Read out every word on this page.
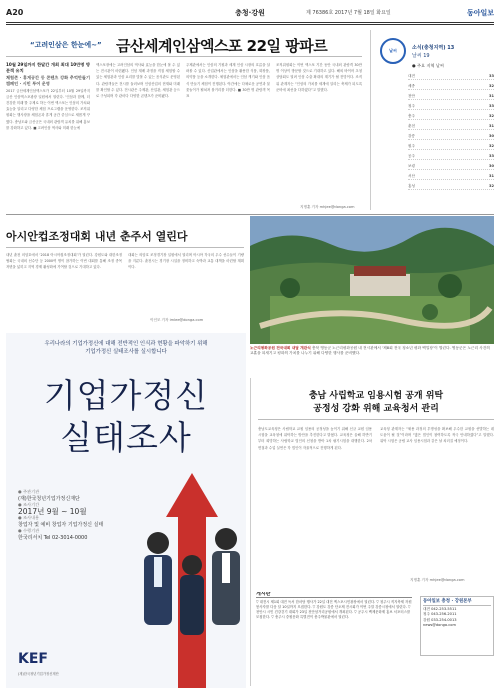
A20	충청·강원	제 76386호 2017년 7월 18일 화요일	동아일보
“고려인삼은 한눈에~” 금산세계인삼엑스포 22일 팡파르
10월 29일까지 한달간 개최 최대 10만명 방문객 유치
체험존 · 휴게공간 등 콘텐츠 강화 추억만들기 캠페인 · 시민 투어 운영
2017 금산세계인삼엑스포가 22일부터 10월 29일까지 금산 인삼엑스포광장 일원에서 열린다. ‘인삼과 함께, 더 건강한 미래’를 주제로 하는 이번 엑스포는 인삼의 가치와 효능을 알리고 다양한 체험 프로그램을 운영한다. 조직위원회는 행사장을 체험존과 휴게 공간 중심으로 새롭게 꾸몄다. 충남도와 금산군은 국내외 관람객 유치를 위해 홍보를 강화하고 있다. ■ 고려인삼 역사와 미래 한눈에
엑스포장에는 고려인삼의 역사와 효능을 한눈에 볼 수 있는 전시관이 마련됐다. 인삼 재배 과정을 직접 체험할 수 있는 체험관과 인삼 요리를 맛볼 수 있는 음식관도 운영된다. 관람객들은 전시를 둘러보며 인삼산업의 현재와 미래를 확인할 수 있다. 전시관은 주제관, 산업관, 체험관 등으로 구성되며 각 관마다 다양한 콘텐츠가 준비됐다.
주제관에서는 인삼의 기원과 세계 인삼 시장의 흐름을 살펴볼 수 있다. 산업관에서는 인삼을 활용한 식품, 화장품, 의약품 등을 소개한다. 체험관에서는 인삼 캐기와 인삼 음식 만들기 체험이 진행된다. 야간에는 다채로운 공연과 불꽃놀이가 펼쳐져 볼거리를 더한다. ■ 30만 명 관람객 목표
조직위원회는 이번 엑스포 기간 동안 국내외 관람객 30만 명 이상이 방문할 것으로 기대하고 있다. 해외 바이어 초청 상담회도 열려 인삼 수출 확대의 계기가 될 전망이다. 조직위 관계자는 “인삼의 가치를 세계에 알리는 축제가 되도록 준비에 최선을 다하겠다”고 말했다.
지명훈 기자 mhjee@donga.com
날씨	소식(충청지역) 13
날씨 19
● 주요 지역 날씨
대전	33
세종	32
천안	31
청주	33
충주	32
춘천	31
강릉	30
원주	32
공주	33
보령	30
서산	31
홍성	32
아시안컵조정대회 내년 춘주서 열린다
내년 춘천 의암호에서 ‘2018 아시아컵조정대회’가 열린다. 강원도와 대한조정협회는 국내외 선수단 등 2000여 명이 참가하는 이번 대회를 통해 조정 종목 저변을 넓히고 지역 경제 활성화에 기여할 것으로 기대하고 있다.
대회는 의암호 조정경기장 일원에서 열리며 아시아 각국의 우수 선수들이 기량을 겨룬다. 춘천시는 경기장 시설을 정비하고 숙박과 교통 대책을 마련할 계획이다.
이인모 기자 imlee@donga.com
노근리평화공원 전국대회 내달 개관식 충북 영동군 노근리평화공원 내 전시관에서 ‘제8회 전국 청소년 평화 백일장’이 열린다. 영동군은 노근리 사건의 교훈을 되새기고 평화의 가치를 나누기 위해 다양한 행사를 준비했다.
우리나라의 기업가정신에 대해 전반적인 인식과 현황을 파악하기 위해
기업가정신 실태조사를 실시합니다
기업가정신
실태조사
● 주관기관
(재)한국청년기업가정신재단
● 조사기간
2017년 9월 ~ 10월
● 조사내용
창업자 및 예비 창업자 기업가정신 실태
● 수행기관
한국리서치 Tel 02-3014-0000
KEF
(재)한국청년기업가정신재단
충남 사립학교 임용시험 공개 위탁
공정성 강화 위해 교육청서 관리
충남도교육청은 사립학교 교원 임용의 공정성을 높이기 위해 신규 교원 임용 시험을 교육청에 위탁하는 방안을 추진한다고 밝혔다. 교육청은 올해 하반기부터 희망하는 사립학교 법인의 신청을 받아 1차 필기시험을 대행한다. 2차 면접과 수업 실연은 각 법인이 자율적으로 진행하게 된다.
교육청 관계자는 “채용 과정의 투명성을 확보해 우수한 교원을 선발하는 데 도움이 될 것”이라며 “많은 법인이 참여하도록 적극 안내하겠다”고 말했다. 위탁 시험은 공립 교사 임용시험과 같은 날 치러질 예정이다.
지명훈 기자 mhjee@donga.com
게시판
▽ 대전시 제1회 대전 독서 한마당 행사가 22일 대전 엑스포시민광장에서 열린다. ▽ 청주시 직지축제 자원봉사자를 다음 달 10일까지 모집한다. ▽ 강원도 강릉 단오제 전시회가 이번 주말 강릉시청에서 열린다. ▽ 천안시 시민 건강걷기 대회가 23일 천안삼거리공원에서 개최된다. ▽ 공주시 백제문화제 홍보 서포터스를 모집한다. ▽ 충주시 중원문화 특별전이 충주박물관에서 열린다.
동아일보 충청 · 강원본부
대전 042-253-5511
청주 043-256-2011
강원 033-254-0013
news@donga.com
